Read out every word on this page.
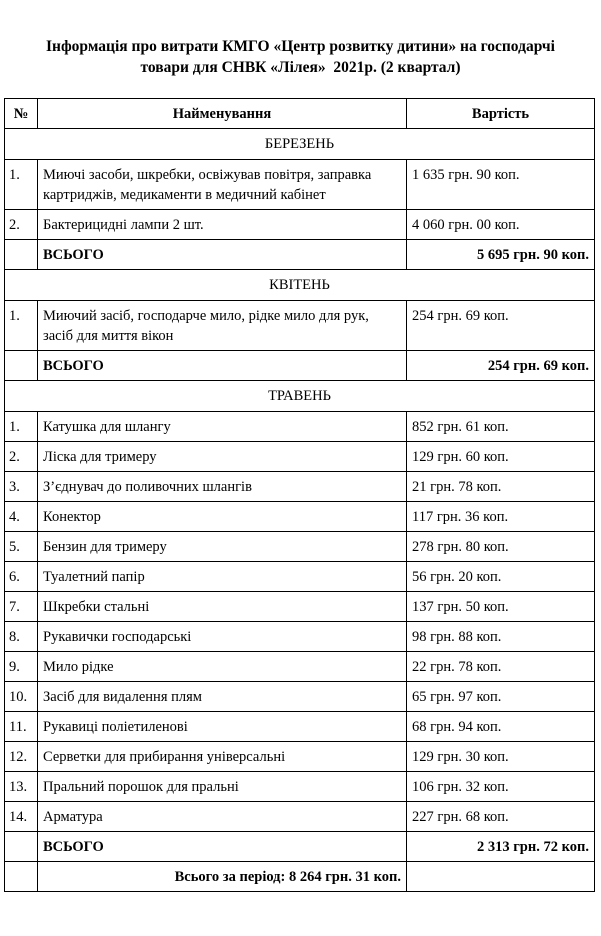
Інформація про витрати КМГО «Центр розвитку дитини» на господарчі
товари для СНВК «Лілея»  2021р. (2 квартал)
№	Найменування	Вартість
БЕРЕЗЕНЬ		
1.	Миючі засоби, шкребки, освіжував повітря, заправка картриджів, медикаменти в медичний кабінет	1 635 грн. 90 коп.
2.	Бактерицидні лампи 2 шт.	4 060 грн. 00 коп.
	ВСЬОГО	5 695 грн. 90 коп.
КВІТЕНЬ		
1.	Миючий засіб, господарче мило, рідке мило для рук, засіб для миття вікон	254 грн. 69 коп.
	ВСЬОГО	254 грн. 69 коп.
ТРАВЕНЬ		
1.	Катушка для шлангу	852 грн. 61 коп.
2.	Ліска для тримеру	129 грн. 60 коп.
3.	З’єднувач до поливочних шлангів	21 грн. 78 коп.
4.	Конектор	117 грн. 36 коп.
5.	Бензин для тримеру	278 грн. 80 коп.
6.	Туалетний папір	56 грн. 20 коп.
7.	Шкребки стальні	137 грн. 50 коп.
8.	Рукавички господарські	98 грн. 88 коп.
9.	Мило рідке	22 грн. 78 коп.
10.	Засіб для видалення плям	65 грн. 97 коп.
11.	Рукавиці поліетиленові	68 грн. 94 коп.
12.	Серветки для прибирання універсальні	129 грн. 30 коп.
13.	Пральний порошок для пральні	106 грн. 32 коп.
14.	Арматура	227 грн. 68 коп.
	ВСЬОГО	2 313 грн. 72 коп.
	Всього за період: 8 264 грн. 31 коп.	
